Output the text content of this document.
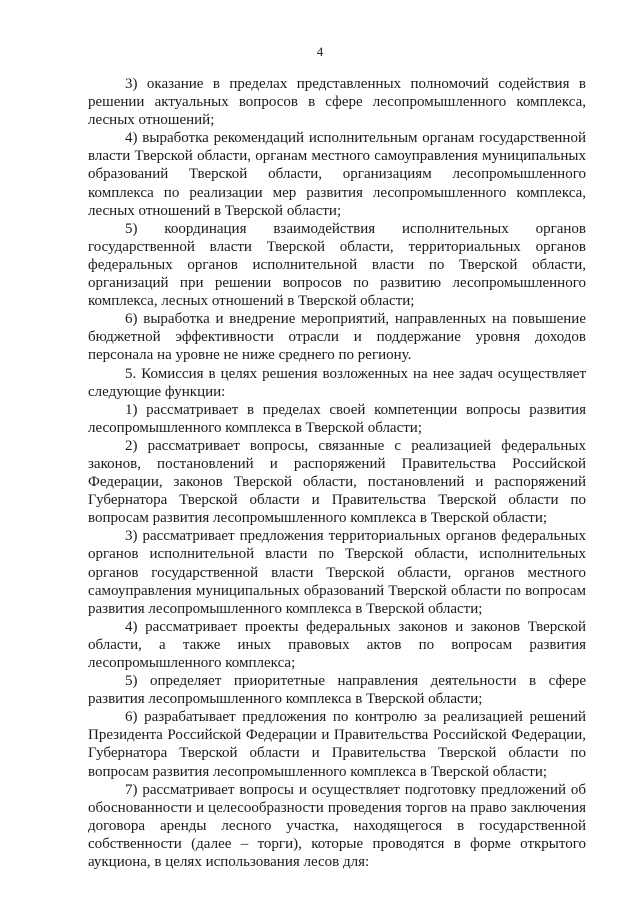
4

3) оказание в пределах представленных полномочий содействия в решении актуальных вопросов в сфере лесопромышленного комплекса, лесных отношений;

4) выработка рекомендаций исполнительным органам государственной власти Тверской области, органам местного самоуправления муниципальных образований Тверской области, организациям лесопромышленного комплекса по реализации мер развития лесопромышленного комплекса, лесных отношений в Тверской области;

5) координация взаимодействия исполнительных органов государственной власти Тверской области, территориальных органов федеральных органов исполнительной власти по Тверской области, организаций при решении вопросов по развитию лесопромышленного комплекса, лесных отношений в Тверской области;

6) выработка и внедрение мероприятий, направленных на повышение бюджетной эффективности отрасли и поддержание уровня доходов персонала на уровне не ниже среднего по региону.

5. Комиссия в целях решения возложенных на нее задач осуществляет следующие функции:

1) рассматривает в пределах своей компетенции вопросы развития лесопромышленного комплекса в Тверской области;

2) рассматривает вопросы, связанные с реализацией федеральных законов, постановлений и распоряжений Правительства Российской Федерации, законов Тверской области, постановлений и распоряжений Губернатора Тверской области и Правительства Тверской области по вопросам развития лесопромышленного комплекса в Тверской области;

3) рассматривает предложения территориальных органов федеральных органов исполнительной власти по Тверской области, исполнительных органов государственной власти Тверской области, органов местного самоуправления муниципальных образований Тверской области по вопросам развития лесопромышленного комплекса в Тверской области;

4) рассматривает проекты федеральных законов и законов Тверской области, а также иных правовых актов по вопросам развития лесопромышленного комплекса;

5) определяет приоритетные направления деятельности в сфере развития лесопромышленного комплекса в Тверской области;

6) разрабатывает предложения по контролю за реализацией решений Президента Российской Федерации и Правительства Российской Федерации, Губернатора Тверской области и Правительства Тверской области по вопросам развития лесопромышленного комплекса в Тверской области;

7) рассматривает вопросы и осуществляет подготовку предложений об обоснованности и целесообразности проведения торгов на право заключения договора аренды лесного участка, находящегося в государственной собственности (далее – торги), которые проводятся в форме открытого аукциона, в целях использования лесов для:
